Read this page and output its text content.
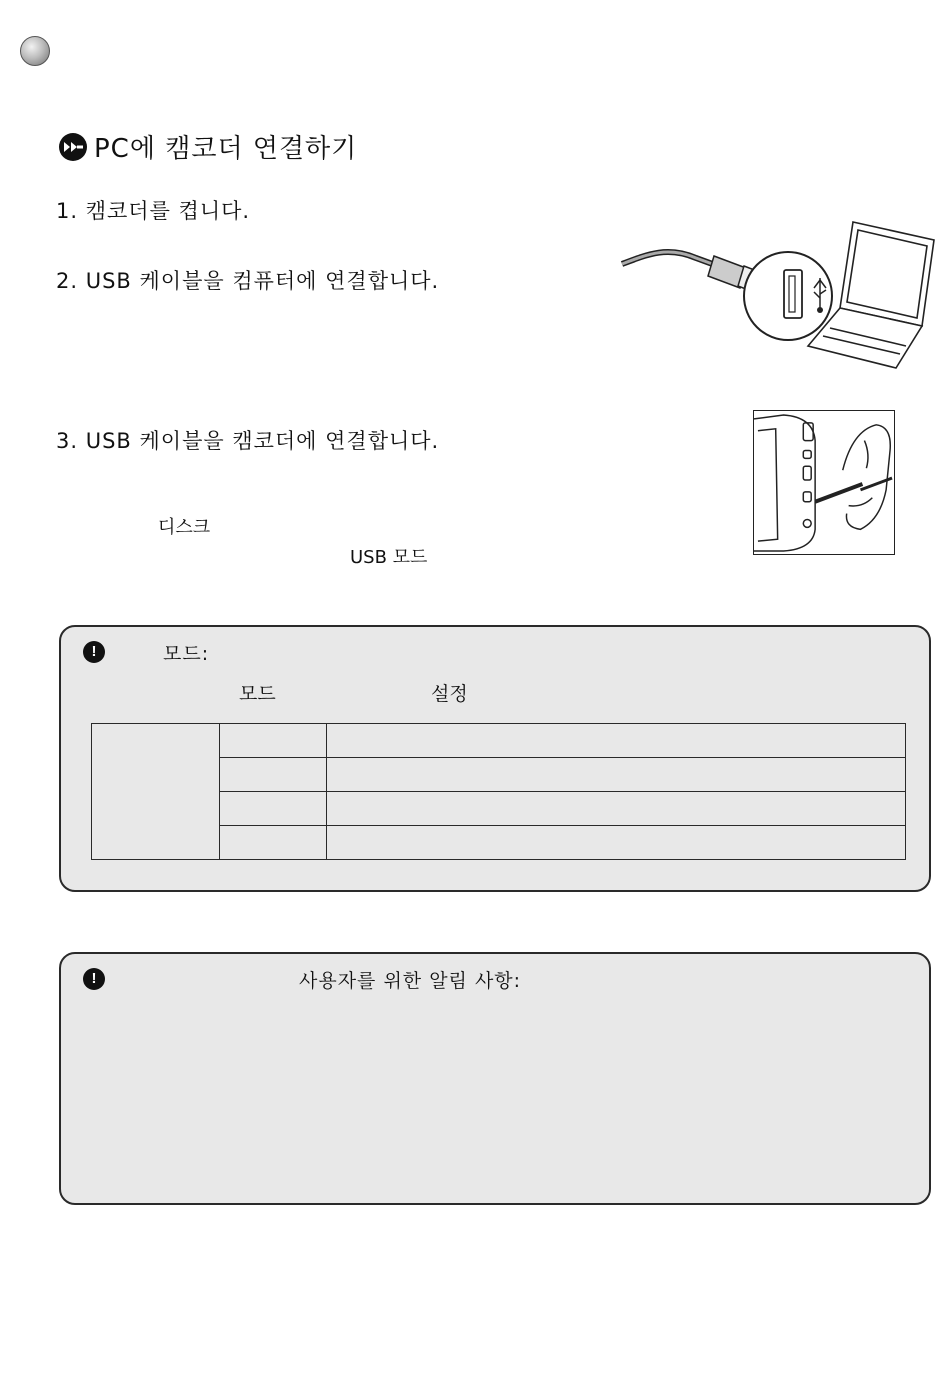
PC에 캠코더 연결하기
1. 캠코더를 켭니다.
2. USB 케이블을 컴퓨터에 연결합니다.
3. USB 케이블을 캠코더에 연결합니다.
디스크
USB 모드
!	모드:
모드	설정

!	사용자를 위한 알림 사항:
